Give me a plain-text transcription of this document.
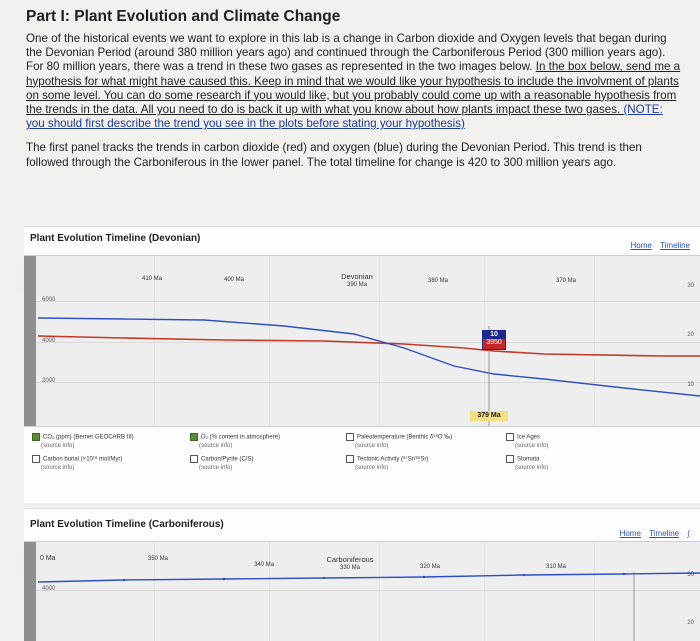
Part I: Plant Evolution and Climate Change
One of the historical events we want to explore in this lab is a change in Carbon dioxide and Oxygen levels that began during the Devonian Period (around 380 million years ago) and continued through the Carboniferous Period (300 million years ago). For 80 million years, there was a trend in these two gases as represented in the two images below. In the box below, send me a hypothesis for what might have caused this. Keep in mind that we would like your hypothesis to include the involvment of plants on some level. You can do some research if you would like, but you probably could come up with a reasonable hypothesis from the trends in the data. All you need to do is back it up with what you know about how plants impact these two gases. (NOTE: you should first describe the trend you see in the plots before stating your hypothesis)
The first panel tracks the trends in carbon dioxide (red) and oxygen (blue) during the Devonian Period. This trend is then followed through the Carboniferous in the lower panel. The total timeline for change is 420 to 300 million years ago.
Plant Evolution Timeline (Devonian)
Home Timeline
Timeline	410 Ma	400 Ma	Devonian
390 Ma
380 Ma	370 Ma
6000
4000
2000
30
20
10
10
3950
379 Ma
CO₂ (ppm) (Berner GEOCARB III)
(source info)
Carbon burial (×10¹⁸ mol/Myr)
(source info)
O₂ (% content in atmosphere)
(source info)
Carbon/Pyrite (C/S)
(source info)
Paleotemperature (Benthic δ¹⁸O ‰)
(source info)
Tectonic Activity (⁸⁷Sr/⁸⁶Sr)
(source info)
Ice Ages
(source info)
Stomata
(source info)
Plant Evolution Timeline (Carboniferous)
Home Timeline (
Timeline 0 Ma	350 Ma
340 Ma
Carboniferous
330 Ma	320 Ma	310 Ma
4000
30
20
